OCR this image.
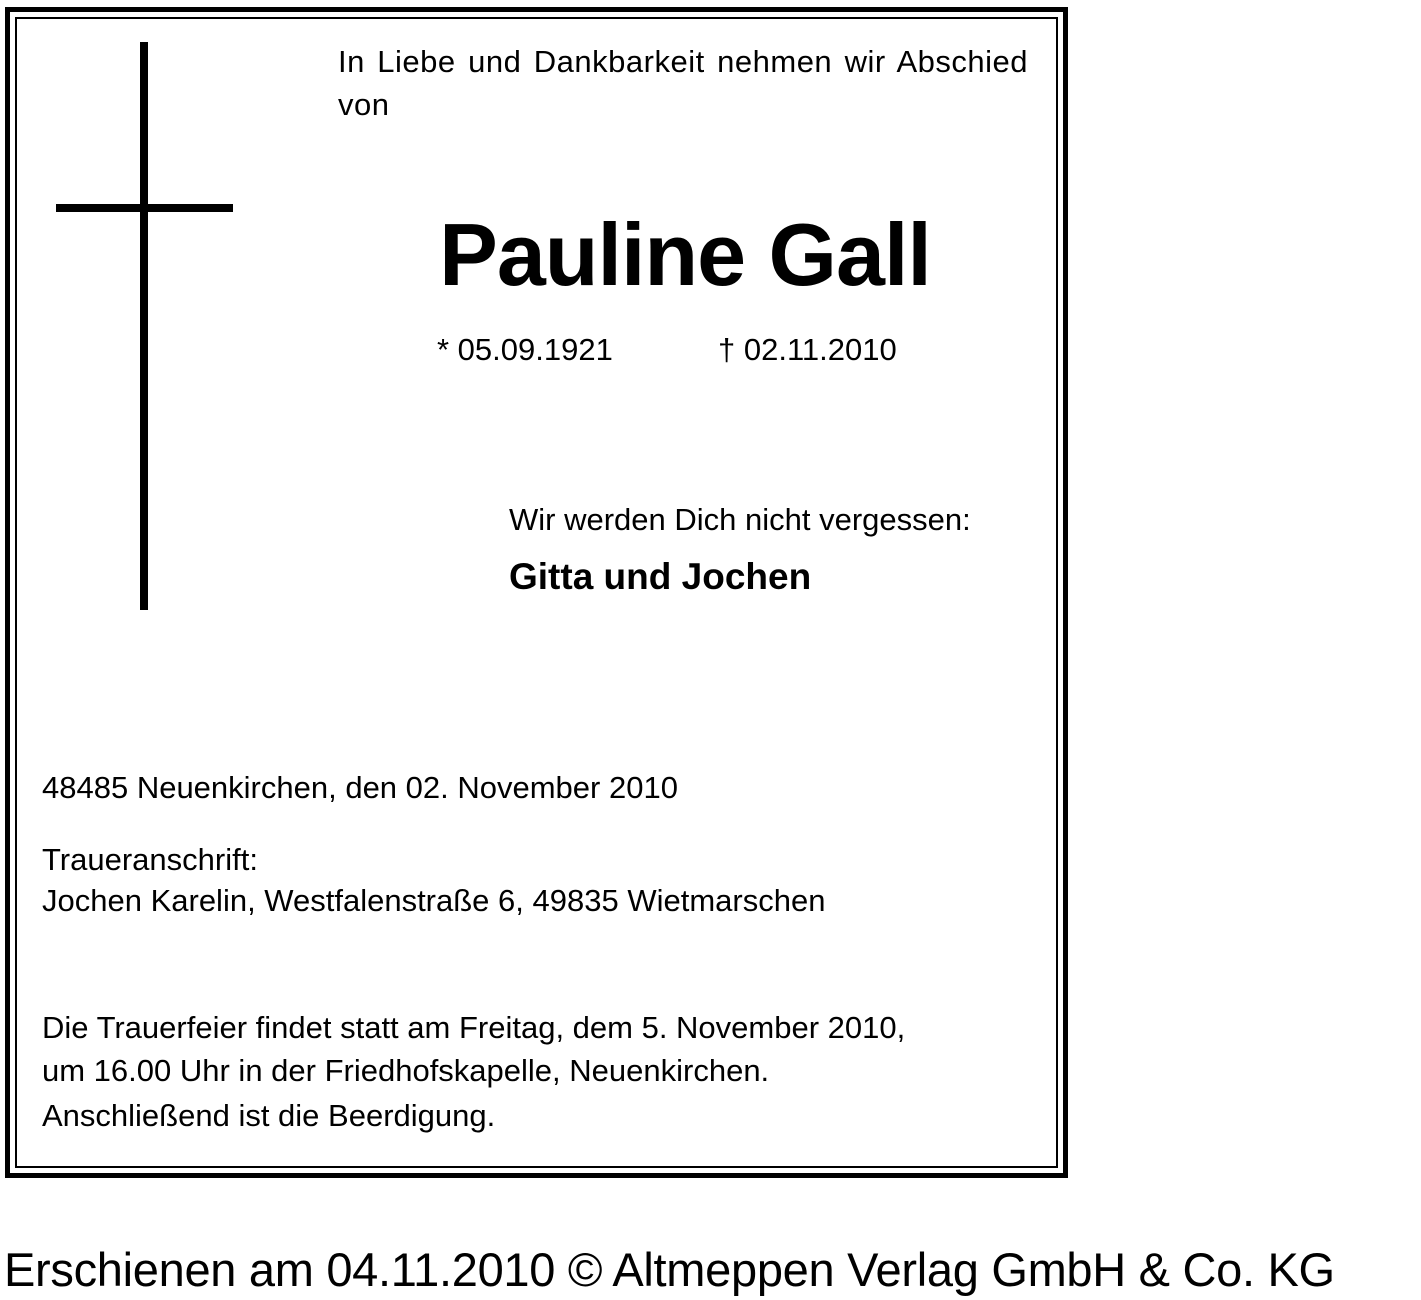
In Liebe und Dankbarkeit nehmen wir Abschied von

Pauline Gall
* 05.09.1921	† 02.11.2010
Wir werden Dich nicht vergessen:
Gitta und Jochen
48485 Neuenkirchen, den 02. November 2010
Traueranschrift:
Jochen Karelin, Westfalenstraße 6, 49835 Wietmarschen
Die Trauerfeier findet statt am Freitag, dem 5. November 2010,
um 16.00 Uhr in der Friedhofskapelle, Neuenkirchen.
Anschließend ist die Beerdigung.
Erschienen am 04.11.2010 © Altmeppen Verlag GmbH & Co. KG
